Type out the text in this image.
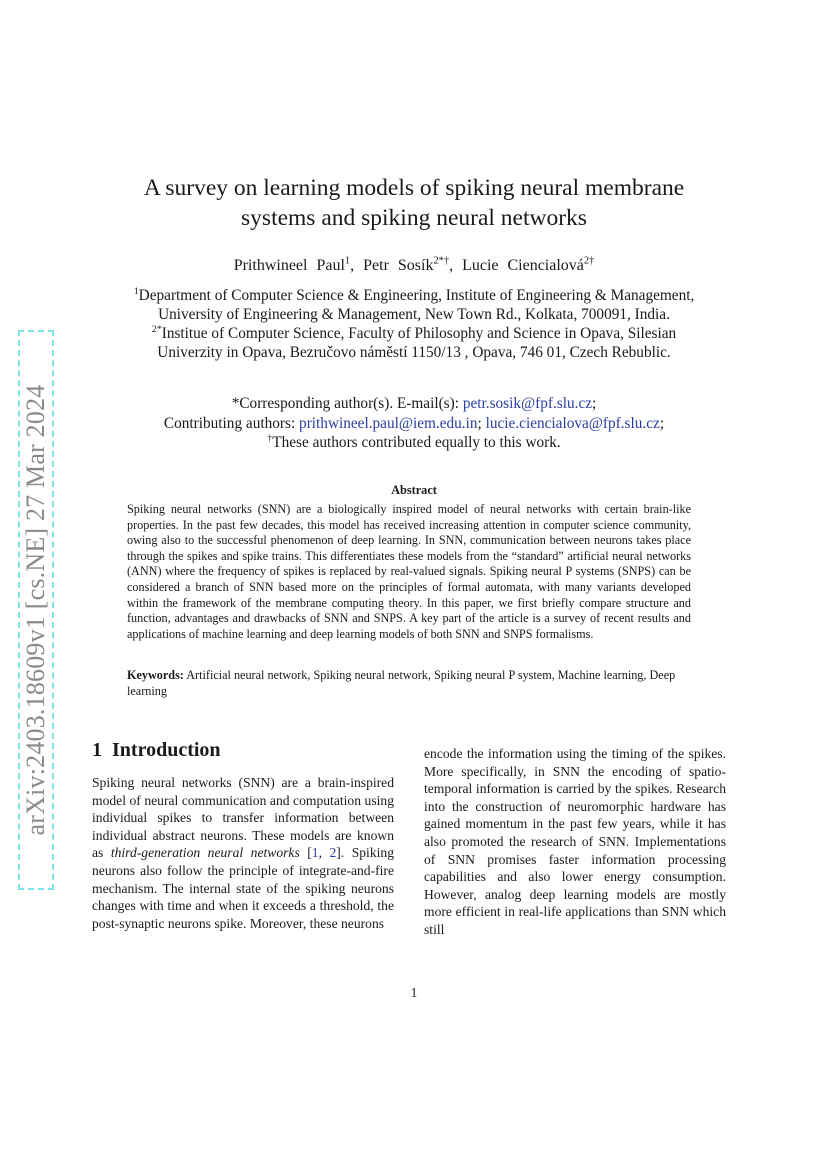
arXiv:2403.18609v1 [cs.NE] 27 Mar 2024
A survey on learning models of spiking neural membrane
systems and spiking neural networks
Prithwineel Paul$^1$, Petr Sosík$^{2*\dagger}$, Lucie Ciencialová$^{2\dagger}$
$^1$Department of Computer Science & Engineering, Institute of Engineering & Management,
University of Engineering & Management, New Town Rd., Kolkata, 700091, India.
$^{2*}$Institue of Computer Science, Faculty of Philosophy and Science in Opava, Silesian
Univerzity in Opava, Bezručovo náměstí 1150/13 , Opava, 746 01, Czech Rebublic.
*Corresponding author(s). E-mail(s): petr.sosik@fpf.slu.cz;
Contributing authors: prithwineel.paul@iem.edu.in; lucie.ciencialova@fpf.slu.cz;
†These authors contributed equally to this work.
Abstract
Spiking neural networks (SNN) are a biologically inspired model of neural networks with certain brain-like properties. In the past few decades, this model has received increasing attention in computer science community, owing also to the successful phenomenon of deep learning. In SNN, communication between neurons takes place through the spikes and spike trains. This differentiates these models from the “standard” artificial neural networks (ANN) where the frequency of spikes is replaced by real-valued signals. Spiking neural P systems (SNPS) can be considered a branch of SNN based more on the principles of formal automata, with many variants developed within the framework of the membrane computing theory. In this paper, we first briefly compare structure and function, advantages and drawbacks of SNN and SNPS. A key part of the article is a survey of recent results and applications of machine learning and deep learning models of both SNN and SNPS formalisms.
Keywords: Artificial neural network, Spiking neural network, Spiking neural P system, Machine learning, Deep learning
1 Introduction
Spiking neural networks (SNN) are a brain-inspired model of neural communication and computation using individual spikes to transfer information between individual abstract neurons. These models are known as third-generation neural networks [1, 2]. Spiking neurons also follow the principle of integrate-and-fire mechanism. The internal state of the spiking neurons changes with time and when it exceeds a threshold, the post-synaptic neurons spike. Moreover, these neurons
encode the information using the timing of the spikes. More specifically, in SNN the encoding of spatio-temporal information is carried by the spikes. Research into the construction of neuromorphic hardware has gained momentum in the past few years, while it has also promoted the research of SNN. Implementations of SNN promises faster information processing capabilities and also lower energy consumption. However, analog deep learning models are mostly more efficient in real-life applications than SNN which still
1
